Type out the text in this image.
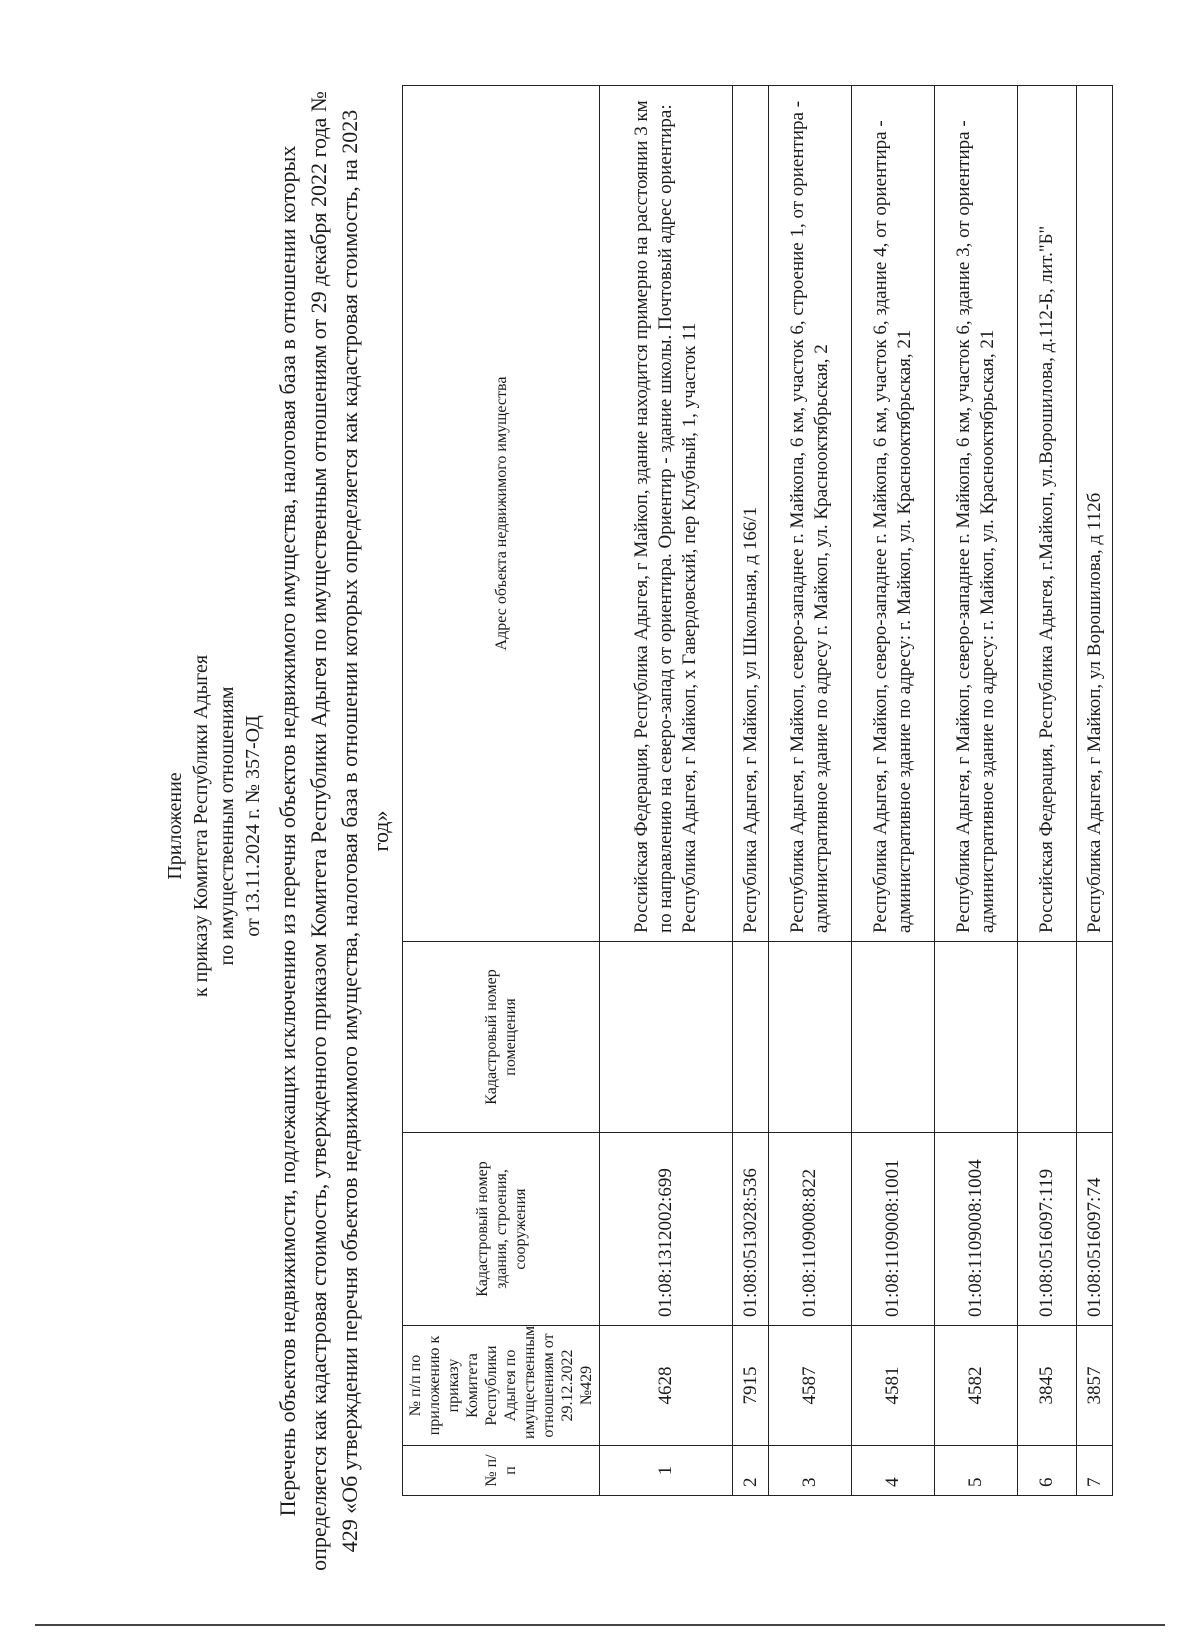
Приложение к приказу Комитета Республики Адыгея по имущественным отношениям от 13.11.2024 г. № 357-ОД Перечень объектов недвижимости, подлежащих исключению из перечня объектов недвижимого имущества, налоговая база в отношении которых определяется как кадастровая стоимость, утвержденного приказом Комитета Республики Адыгея по имущественным отношениям от 29 декабря 2022 года № 429 «Об утверждении перечня объектов недвижимого имущества, налоговая база в отношении которых определяется как кадастровая стоимость, на 2023 год»
№ п/п	№ п/п по приложению к приказу Комитета Республики Адыгея по имущественным отношениям от 29.12.2022 №429	Кадастровый номер здания, строения, сооружения	Кадастровый номер помещения	Адрес объекта недвижимого имущества
1	4628	01:08:1312002:699		Российская Федерация, Республика Адыгея, г Майкоп, здание находится примерно на расстоянии 3 км по направлению на северо-запад от ориентира. Ориентир - здание школы. Почтовый адрес ориентира: Республика Адыгея, г Майкоп, х Гавердовский, пер Клубный, 1, участок 11
2	7915	01:08:0513028:536		Республика Адыгея, г Майкоп, ул Школьная, д 166/1
3	4587	01:08:1109008:822		Республика Адыгея, г Майкоп, северо-западнее г. Майкопа, 6 км, участок 6, строение 1, от ориентира - административное здание по адресу г. Майкоп, ул. Краснооктябрьская, 2
4	4581	01:08:1109008:1001		Республика Адыгея, г Майкоп, северо-западнее г. Майкопа, 6 км, участок 6, здание 4, от ориентира - административное здание по адресу: г. Майкоп, ул. Краснооктябрьская, 21
5	4582	01:08:1109008:1004		Республика Адыгея, г Майкоп, северо-западнее г. Майкопа, 6 км, участок 6, здание 3, от ориентира - административное здание по адресу: г. Майкоп, ул. Краснооктябрьская, 21
6	3845	01:08:0516097:119		Российская Федерация, Республика Адыгея, г.Майкоп, ул.Ворошилова, д.112-Б, лит."Б"
7	3857	01:08:0516097:74		Республика Адыгея, г Майкоп, ул Ворошилова, д 112б
